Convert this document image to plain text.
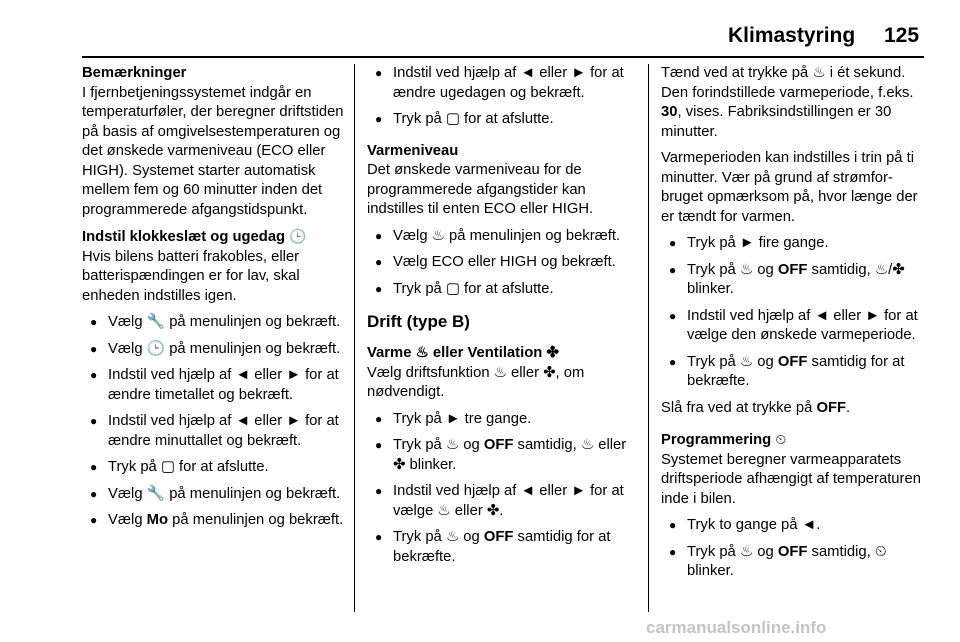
Klimastyring 125

Bemærkninger
I fjernbetjeningssystemet indgår en temperaturføler, der beregner driftstiden på basis af omgivelsestemperaturen og det ønskede varmeniveau (ECO eller HIGH). Systemet starter automatisk mellem fem og 60 minutter inden det programmerede afgangstidspunkt.

Indstil klokkeslæt og ugedag 🕒

Hvis bilens batteri frakobles, eller batterispændingen er for lav, skal enheden indstilles igen.

● Vælg 🔧 på menulinjen og bekræft.
● Vælg 🕒 på menulinjen og bekræft.
● Indstil ved hjælp af ◄ eller ► for at ændre timetallet og bekræft.
● Indstil ved hjælp af ◄ eller ► for at ændre minuttallet og bekræft.
● Tryk på ▢ for at afslutte.
● Vælg 🔧 på menulinjen og bekræft.
● Vælg Mo på menulinjen og bekræft.
● Indstil ved hjælp af ◄ eller ► for at ændre ugedagen og bekræft.
● Tryk på ▢ for at afslutte.

Varmeniveau
Det ønskede varmeniveau for de programmerede afgangstider kan indstilles til enten ECO eller HIGH.

● Vælg ♨ på menulinjen og bekræft.
● Vælg ECO eller HIGH og bekræft.
● Tryk på ▢ for at afslutte.
Drift (type B)

Varme ♨ eller Ventilation ✤
Vælg driftsfunktion ♨ eller ✤, om nødvendigt.

● Tryk på ► tre gange.
● Tryk på ♨ og OFF samtidig, ♨ eller ✤ blinker.
● Indstil ved hjælp af ◄ eller ► for at vælge ♨ eller ✤.
● Tryk på ♨ og OFF samtidig for at bekræfte.

Tænd ved at trykke på ♨ i ét sekund. Den forindstillede varmeperiode, f.eks. 30, vises. Fabriksindstillingen er 30 minutter.

Varmeperioden kan indstilles i trin på ti minutter. Vær på grund af strømforbruget opmærksom på, hvor længe der er tændt for varmen.

● Tryk på ► fire gange.
● Tryk på ♨ og OFF samtidig, ♨/✤ blinker.
● Indstil ved hjælp af ◄ eller ► for at vælge den ønskede varmeperiode.
● Tryk på ♨ og OFF samtidig for at bekræfte.

Slå fra ved at trykke på OFF.

Programmering ⏲
Systemet beregner varmeapparatets driftsperiode afhængigt af temperaturen inde i bilen.

● Tryk to gange på ◄.
● Tryk på ♨ og OFF samtidig, ⏲ blinker.
carmanualsonline.info
